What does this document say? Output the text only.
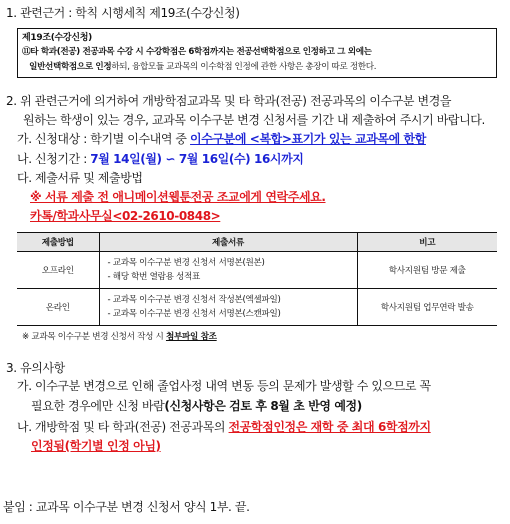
1. 관련근거 : 학칙 시행세칙 제19조(수강신청)
제19조(수강신청)
⑪타 학과(전공) 전공과목 수강 시 수강학점은 6학점까지는 전공선택학점으로 인정하고 그 외에는
일반선택학점으로 인정하되, 융합모듈 교과목의 이수학점 인정에 관한 사항은 총장이 따로 정한다.
2. 위 관련근거에 의거하여 개방학점교과목 및 타 학과(전공) 전공과목의 이수구분 변경을
원하는 학생이 있는 경우, 교과목 이수구분 변경 신청서를 기간 내 제출하여 주시기 바랍니다.
가. 신청대상 : 학기별 이수내역 중 이수구분에 <복합>표기가 있는 교과목에 한함
나. 신청기간 : 7월 14일(월) ∽ 7월 16일(수) 16시까지
다. 제출서류 및 제출방법
※ 서류 제출 전 애니메이션웹툰전공 조교에게 연락주세요.
카톡/학과사무실<02-2610-0848>
제출방법	제출서류	비고
오프라인	- 교과목 이수구분 변경 신청서 서명본(원본)
- 해당 학번 열람용 성적표	학사지원팀 방문 제출
온라인	- 교과목 이수구분 변경 신청서 작성본(엑셀파일)
- 교과목 이수구분 변경 신청서 서명본(스캔파일)	학사지원팀 업무연락 발송
※ 교과목 이수구분 변경 신청서 작성 시 첨부파일 참조
3. 유의사항
가. 이수구분 변경으로 인해 졸업사정 내역 변동 등의 문제가 발생할 수 있으므로 꼭
필요한 경우에만 신청 바람(신청사항은 검토 후 8월 초 반영 예정)
나. 개방학점 및 타 학과(전공) 전공과목의 전공학점인정은 재학 중 최대 6학점까지
인정됨(학기별 인정 아님)
붙임 : 교과목 이수구분 변경 신청서 양식 1부. 끝.
